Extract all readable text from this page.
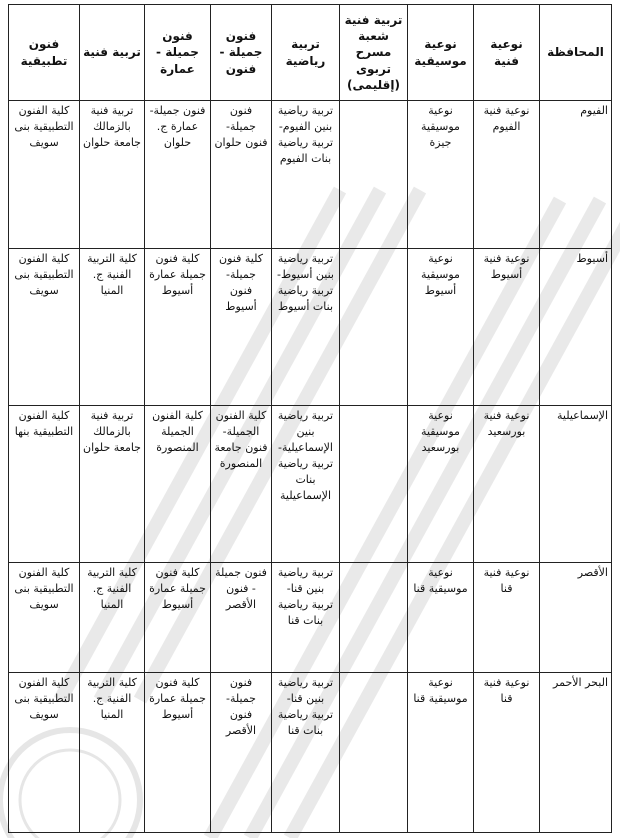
المحافظة	نوعية فنية	نوعية موسيقية	تربية فنية شعبة مسرح تربوى (إقليمى)	تربية رياضية	فنون جميلة - فنون	فنون جميلة - عمارة	تربية فنية	فنون تطبيقية
الفيوم	نوعية فنية الفيوم	نوعية موسيقية جيزة		تربية رياضية بنين الفيوم- تربية رياضية بنات الفيوم	فنون جميلة- فنون حلوان	فنون جميلة- عمارة ج. حلوان	تربية فنية بالزمالك جامعة حلوان	كلية الفنون التطبيقية بنى سويف
أسيوط	نوعية فنية أسيوط	نوعية موسيقية أسيوط		تربية رياضية بنين أسيوط- تربية رياضية بنات أسيوط	كلية فنون جميلة- فنون أسيوط	كلية فنون جميلة عمارة أسيوط	كلية التربية الفنية ج. المنيا	كلية الفنون التطبيقية بنى سويف
الإسماعيلية	نوعية فنية بورسعيد	نوعية موسيقية بورسعيد		تربية رياضية بنين الإسماعيلية- تربية رياضية بنات الإسماعيلية	كلية الفنون الجميلة- فنون جامعة المنصورة	كلية الفنون الجميلة المنصورة	تربية فنية بالزمالك جامعة حلوان	كلية الفنون التطبيقية بنها
الأقصر	نوعية فنية قنا	نوعية موسيقية قنا		تربية رياضية بنين قنا- تربية رياضية بنات قنا	فنون جميلة - فنون الأقصر	كلية فنون جميلة عمارة أسيوط	كلية التربية الفنية ج. المنيا	كلية الفنون التطبيقية بنى سويف
البحر الأحمر	نوعية فنية قنا	نوعية موسيقية قنا		تربية رياضية بنين قنا- تربية رياضية بنات قنا	فنون جميلة- فنون الأقصر	كلية فنون جميلة عمارة أسيوط	كلية التربية الفنية ج. المنيا	كلية الفنون التطبيقية بنى سويف
